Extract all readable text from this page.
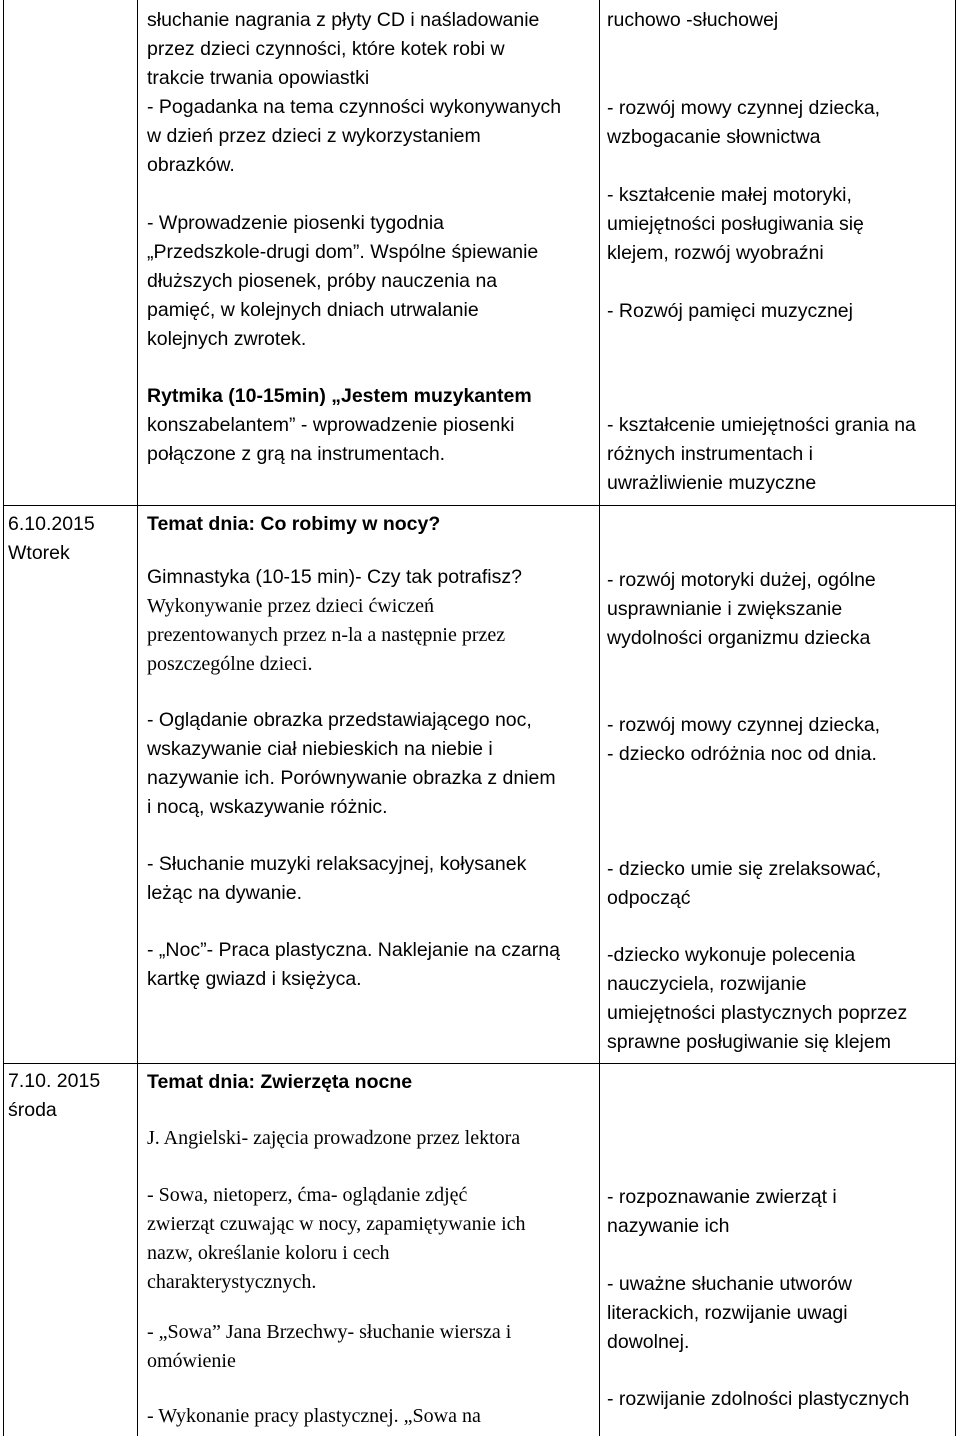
słuchanie nagrania z płyty CD i naśladowanie

przez dzieci czynności, które kotek robi w

trakcie trwania opowiastki

- Pogadanka na tema czynności wykonywanych

w dzień przez dzieci z wykorzystaniem

obrazków.

- Wprowadzenie piosenki tygodnia

„Przedszkole-drugi dom”. Wspólne śpiewanie

dłuższych piosenek, próby nauczenia na

pamięć, w kolejnych dniach utrwalanie

kolejnych zwrotek.

Rytmika (10-15min) „Jestem muzykantem

konszabelantem” - wprowadzenie piosenki

połączone z grą na instrumentach.

ruchowo -słuchowej

- rozwój mowy czynnej dziecka,

wzbogacanie słownictwa

- kształcenie małej motoryki,

umiejętności posługiwania się

klejem, rozwój wyobraźni

- Rozwój pamięci muzycznej

- kształcenie umiejętności grania na

różnych instrumentach i

uwrażliwienie muzyczne

6.10.2015

Wtorek

Temat dnia: Co robimy w nocy?

Gimnastyka (10-15 min)- Czy tak potrafisz?

Wykonywanie przez dzieci ćwiczeń

prezentowanych przez n-la a następnie przez

poszczególne dzieci.

- Oglądanie obrazka przedstawiającego noc,

wskazywanie ciał niebieskich na niebie i

nazywanie ich. Porównywanie obrazka z dniem

i nocą, wskazywanie różnic.

- Słuchanie muzyki relaksacyjnej, kołysanek

leżąc na dywanie.

- „Noc”- Praca plastyczna. Naklejanie na czarną

kartkę gwiazd i księżyca.

- rozwój motoryki dużej, ogólne

usprawnianie i zwiększanie

wydolności organizmu dziecka

- rozwój mowy czynnej dziecka,

- dziecko odróżnia noc od dnia.

- dziecko umie się zrelaksować,

odpocząć

-dziecko wykonuje polecenia

nauczyciela, rozwijanie

umiejętności plastycznych poprzez

sprawne posługiwanie się klejem

7.10. 2015

środa

Temat dnia: Zwierzęta nocne

J. Angielski- zajęcia prowadzone przez lektora

- Sowa, nietoperz, ćma- oglądanie zdjęć

zwierząt czuwając w nocy, zapamiętywanie ich

nazw, określanie koloru i cech

charakterystycznych.

- „Sowa” Jana Brzechwy- słuchanie wiersza i

omówienie

- Wykonanie pracy plastycznej. „Sowa na

- rozpoznawanie zwierząt i

nazywanie ich

- uważne słuchanie utworów

literackich, rozwijanie uwagi

dowolnej.

- rozwijanie zdolności plastycznych
